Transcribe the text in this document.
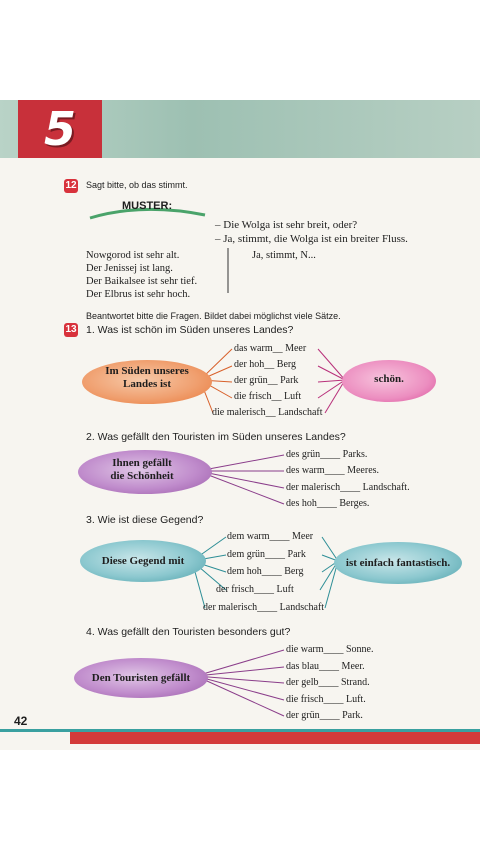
5
12 Sagt bitte, ob das stimmt.
MUSTER:
– Die Wolga ist sehr breit, oder?
– Ja, stimmt, die Wolga ist ein breiter Fluss.
Nowgorod ist sehr alt.
Der Jenissej ist lang.
Der Baikalsee ist sehr tief.
Der Elbrus ist sehr hoch.
Ja, stimmt, N...
Beantwortet bitte die Fragen. Bildet dabei möglichst viele Sätze.
13 1. Was ist schön im Süden unseres Landes?
Im Süden unseres
Landes ist	schön.
das warm__ Meer
der hoh__ Berg
der grün__ Park
die frisch__ Luft
die malerisch__ Landschaft
2. Was gefällt den Touristen im Süden unseres Landes?
Ihnen gefällt
die Schönheit
des grün____ Parks.
des warm____ Meeres.
der malerisch____ Landschaft.
des hoh____ Berges.
3. Wie ist diese Gegend?
Diese Gegend mit	ist einfach fantastisch.
dem warm____ Meer
dem grün____ Park
dem hoh____ Berg
der frisch____ Luft
der malerisch____ Landschaft
4. Was gefällt den Touristen besonders gut?
Den Touristen gefällt
die warm____ Sonne.
das blau____ Meer.
der gelb____ Strand.
die frisch____ Luft.
der grün____ Park.
42
